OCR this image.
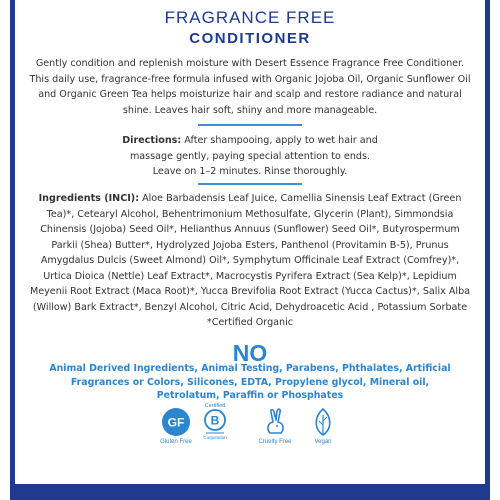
FRAGRANCE FREE
CONDITIONER
Gently condition and replenish moisture with Desert Essence Fragrance Free Conditioner. This daily use, fragrance-free formula infused with Organic Jojoba Oil, Organic Sunflower Oil and Organic Green Tea helps moisturize hair and scalp and restore radiance and natural shine. Leaves hair soft, shiny and more manageable.
Directions: After shampooing, apply to wet hair and massage gently, paying special attention to ends. Leave on 1–2 minutes. Rinse thoroughly.
Ingredients (INCI): Aloe Barbadensis Leaf Juice, Camellia Sinensis Leaf Extract (Green Tea)*, Cetearyl Alcohol, Behentrimonium Methosulfate, Glycerin (Plant), Simmondsia Chinensis (Jojoba) Seed Oil*, Helianthus Annuus (Sunflower) Seed Oil*, Butyrospermum Parkii (Shea) Butter*, Hydrolyzed Jojoba Esters, Panthenol (Provitamin B-5), Prunus Amygdalus Dulcis (Sweet Almond) Oil*, Symphytum Officinale Leaf Extract (Comfrey)*, Urtica Dioica (Nettle) Leaf Extract*, Macrocystis Pyrifera Extract (Sea Kelp)*, Lepidium Meyenii Root Extract (Maca Root)*, Yucca Brevifolia Root Extract (Yucca Cactus)*, Salix Alba (Willow) Bark Extract*, Benzyl Alcohol, Citric Acid, Dehydroacetic Acid , Potassium Sorbate
*Certified Organic
NO
Animal Derived Ingredients, Animal Testing, Parabens, Phthalates, Artificial Fragrances or Colors, Silicones, EDTA, Propylene glycol, Mineral oil, Petrolatum, Paraffin or Phosphates
GF
Gluten Free
Certified
B
Corporation
Cruelty Free	Vegan
